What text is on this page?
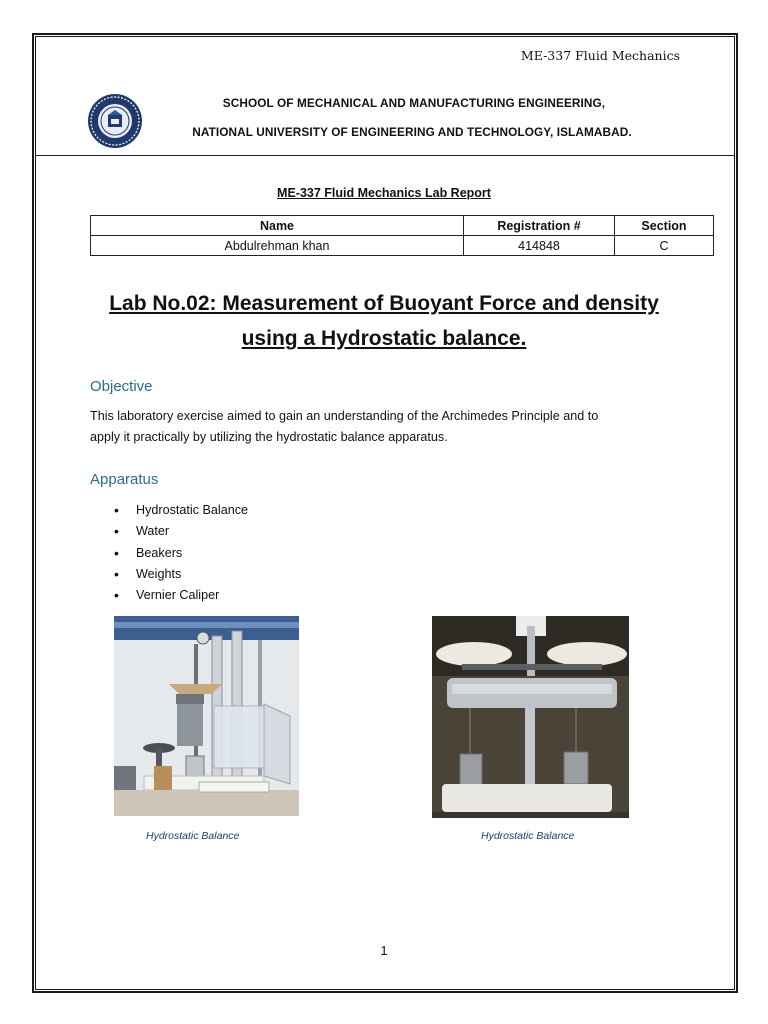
ME-337 Fluid Mechanics
SCHOOL OF MECHANICAL AND MANUFACTURING ENGINEERING,
NATIONAL UNIVERSITY OF ENGINEERING AND TECHNOLOGY, ISLAMABAD.
ME-337 Fluid Mechanics Lab Report
Name	Registration #	Section
Abdulrehman khan	414848	C
Lab No.02: Measurement of Buoyant Force and density
using a Hydrostatic balance.
Objective
This laboratory exercise aimed to gain an understanding of the Archimedes Principle and to
apply it practically by utilizing the hydrostatic balance apparatus.
Apparatus
• Hydrostatic Balance
• Water
• Beakers
• Weights
• Vernier Caliper
Hydrostatic Balance	Hydrostatic Balance
1
